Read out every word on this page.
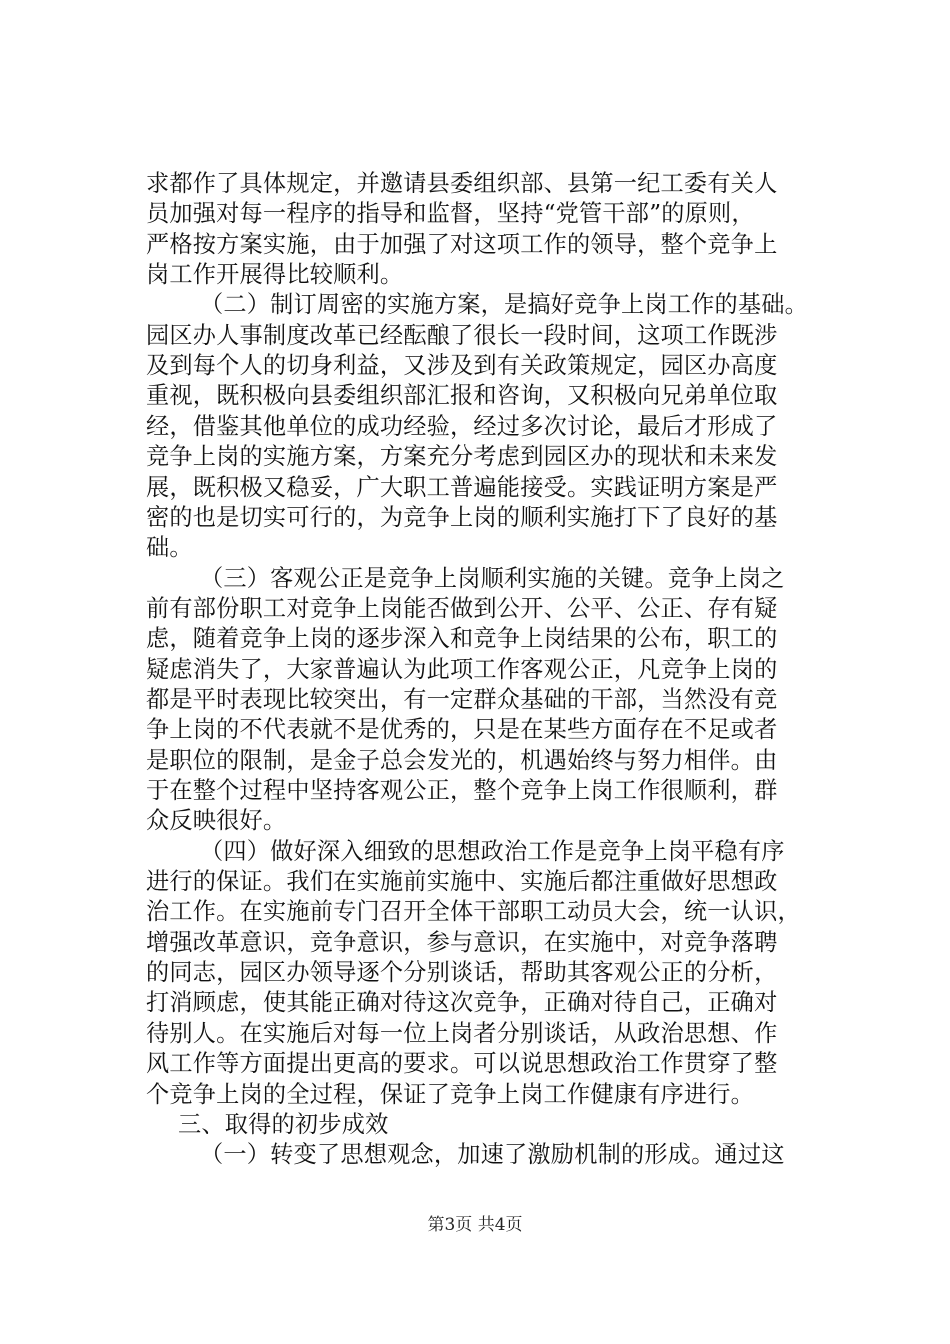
求都作了具体规定，并邀请县委组织部、县第一纪工委有关人
员加强对每一程序的指导和监督，坚持“党管干部”的原则，
严格按方案实施，由于加强了对这项工作的领导，整个竞争上
岗工作开展得比较顺利。
（二）制订周密的实施方案，是搞好竞争上岗工作的基础。
园区办人事制度改革已经酝酿了很长一段时间，这项工作既涉
及到每个人的切身利益，又涉及到有关政策规定，园区办高度
重视，既积极向县委组织部汇报和咨询，又积极向兄弟单位取
经，借鉴其他单位的成功经验，经过多次讨论，最后才形成了
竞争上岗的实施方案，方案充分考虑到园区办的现状和未来发
展，既积极又稳妥，广大职工普遍能接受。实践证明方案是严
密的也是切实可行的，为竞争上岗的顺利实施打下了良好的基
础。
（三）客观公正是竞争上岗顺利实施的关键。竞争上岗之
前有部份职工对竞争上岗能否做到公开、公平、公正、存有疑
虑，随着竞争上岗的逐步深入和竞争上岗结果的公布，职工的
疑虑消失了，大家普遍认为此项工作客观公正，凡竞争上岗的
都是平时表现比较突出，有一定群众基础的干部，当然没有竞
争上岗的不代表就不是优秀的，只是在某些方面存在不足或者
是职位的限制，是金子总会发光的，机遇始终与努力相伴。由
于在整个过程中坚持客观公正，整个竞争上岗工作很顺利，群
众反映很好。
（四）做好深入细致的思想政治工作是竞争上岗平稳有序
进行的保证。我们在实施前实施中、实施后都注重做好思想政
治工作。在实施前专门召开全体干部职工动员大会，统一认识，
增强改革意识，竞争意识，参与意识，在实施中，对竞争落聘
的同志，园区办领导逐个分别谈话，帮助其客观公正的分析，
打消顾虑，使其能正确对待这次竞争，正确对待自己，正确对
待别人。在实施后对每一位上岗者分别谈话，从政治思想、作
风工作等方面提出更高的要求。可以说思想政治工作贯穿了整
个竞争上岗的全过程，保证了竞争上岗工作健康有序进行。
三、取得的初步成效
（一）转变了思想观念，加速了激励机制的形成。通过这
第3页 共4页
